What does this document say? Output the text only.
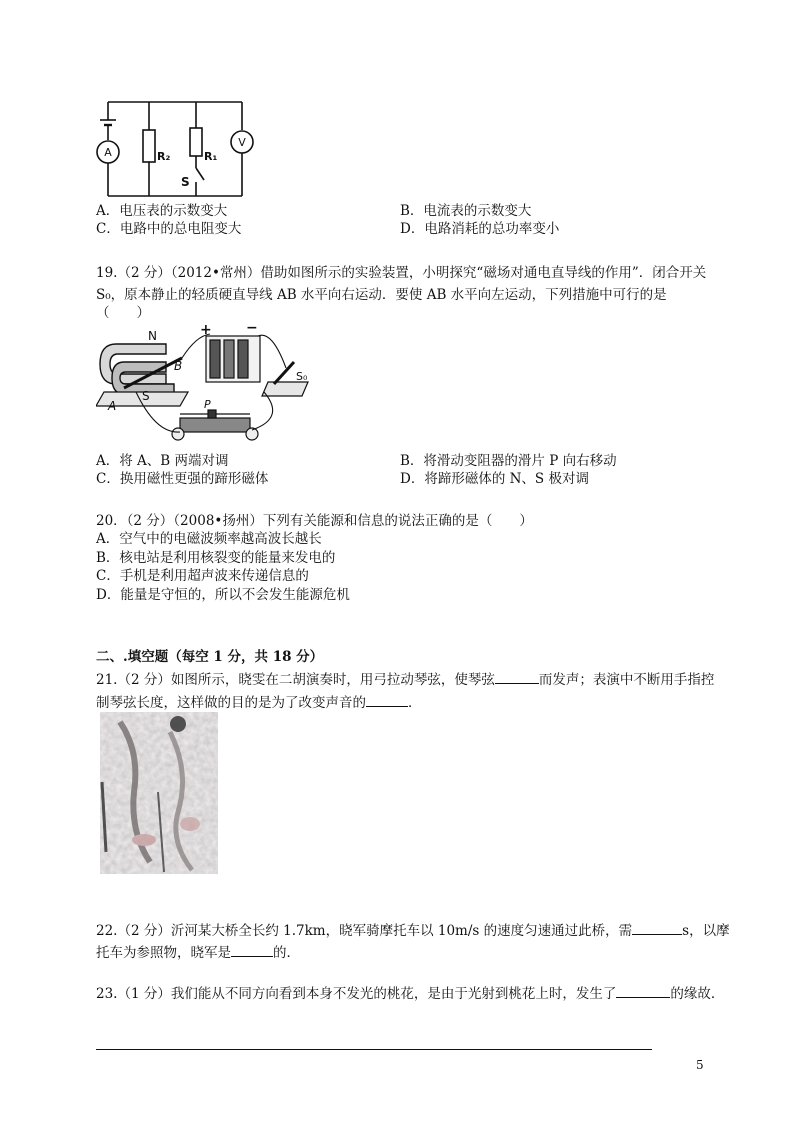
A	R₂	R₁
V
S
A．电压表的示数变大	B．电流表的示数变大
C．电路中的总电阻变大	D．电路消耗的总功率变小
19.（2 分）（2012•常州）借助如图所示的实验装置，小明探究“磁场对通电直导线的作用”．闭合开关
S₀，原本静止的轻质硬直导线 AB 水平向右运动．要使 AB 水平向左运动，下列措施中可行的是
（　　）
N
S
A
B
+ −
P
S₀
A．将 A、B 两端对调	B．将滑动变阻器的滑片 P 向右移动
C．换用磁性更强的蹄形磁体	D．将蹄形磁体的 N、S 极对调
20．（2 分）（2008•扬州）下列有关能源和信息的说法正确的是（　　）
A．空气中的电磁波频率越高波长越长
B．核电站是利用核裂变的能量来发电的
C．手机是利用超声波来传递信息的
D．能量是守恒的，所以不会发生能源危机
二、.填空题（每空 1 分，共 18 分）
21.（2 分）如图所示，晓雯在二胡演奏时，用弓拉动琴弦，使琴弦	而发声；表演中不断用手指控
制琴弦长度，这样做的目的是为了改变声音的	．
22.（2 分）沂河某大桥全长约 1.7km，晓军骑摩托车以 10m/s 的速度匀速通过此桥，需	s，以摩
托车为参照物，晓军是	的．
23.（1 分）我们能从不同方向看到本身不发光的桃花，是由于光射到桃花上时，发生了	的缘故．
5
